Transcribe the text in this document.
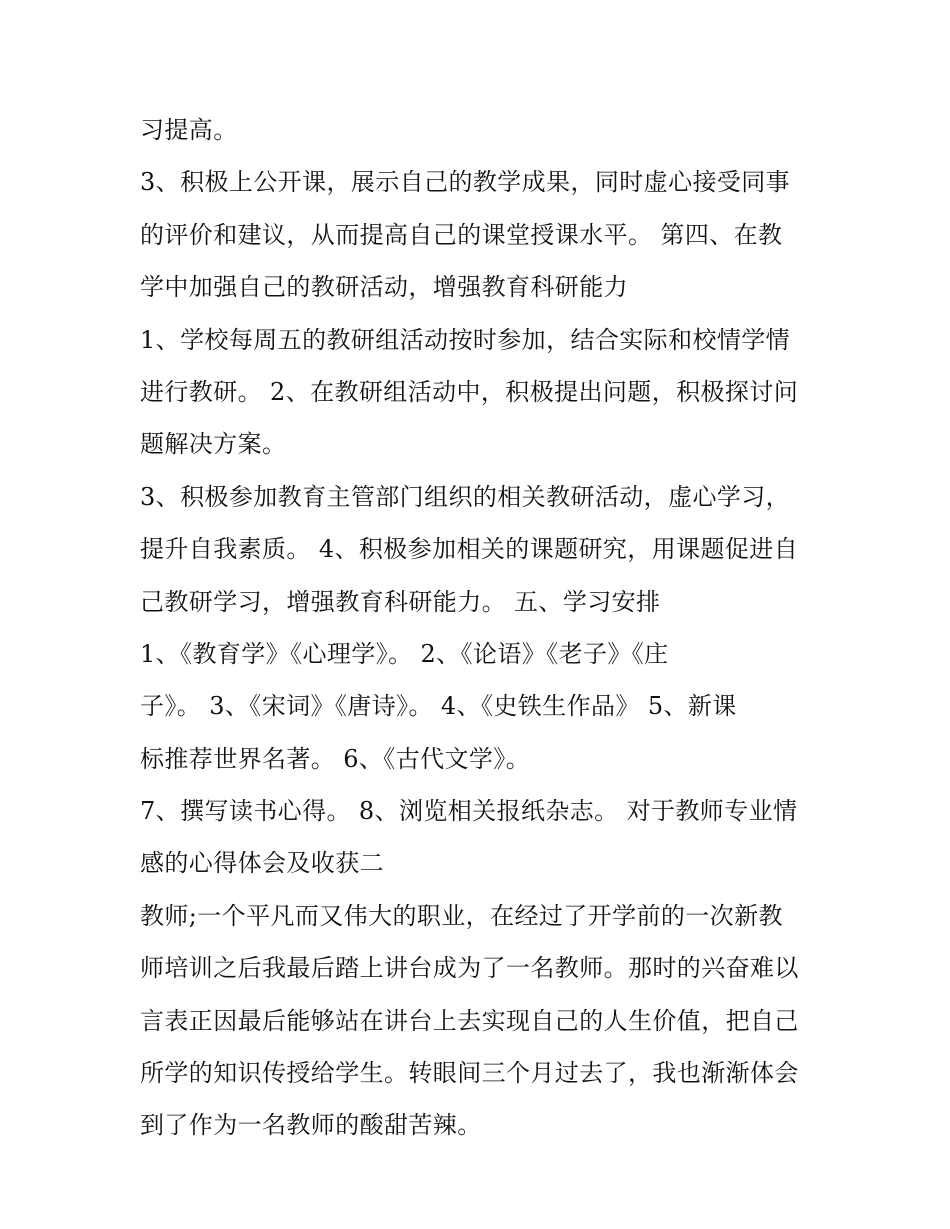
习提高。
3、积极上公开课，展示自己的教学成果，同时虚心接受同事
的评价和建议，从而提高自己的课堂授课水平。 第四、在教
学中加强自己的教研活动，增强教育科研能力
1、学校每周五的教研组活动按时参加，结合实际和校情学情
进行教研。 2、在教研组活动中，积极提出问题，积极探讨问
题解决方案。
3、积极参加教育主管部门组织的相关教研活动，虚心学习，
提升自我素质。 4、积极参加相关的课题研究，用课题促进自
己教研学习，增强教育科研能力。 五、学习安排
1、《教育学》《心理学》。 2、《论语》《老子》《庄
子》。 3、《宋词》《唐诗》。 4、《史铁生作品》 5、新课
标推荐世界名著。 6、《古代文学》。
7、撰写读书心得。 8、浏览相关报纸杂志。 对于教师专业情
感的心得体会及收获二
教师;一个平凡而又伟大的职业，在经过了开学前的一次新教
师培训之后我最后踏上讲台成为了一名教师。那时的兴奋难以
言表正因最后能够站在讲台上去实现自己的人生价值，把自己
所学的知识传授给学生。转眼间三个月过去了，我也渐渐体会
到了作为一名教师的酸甜苦辣。
